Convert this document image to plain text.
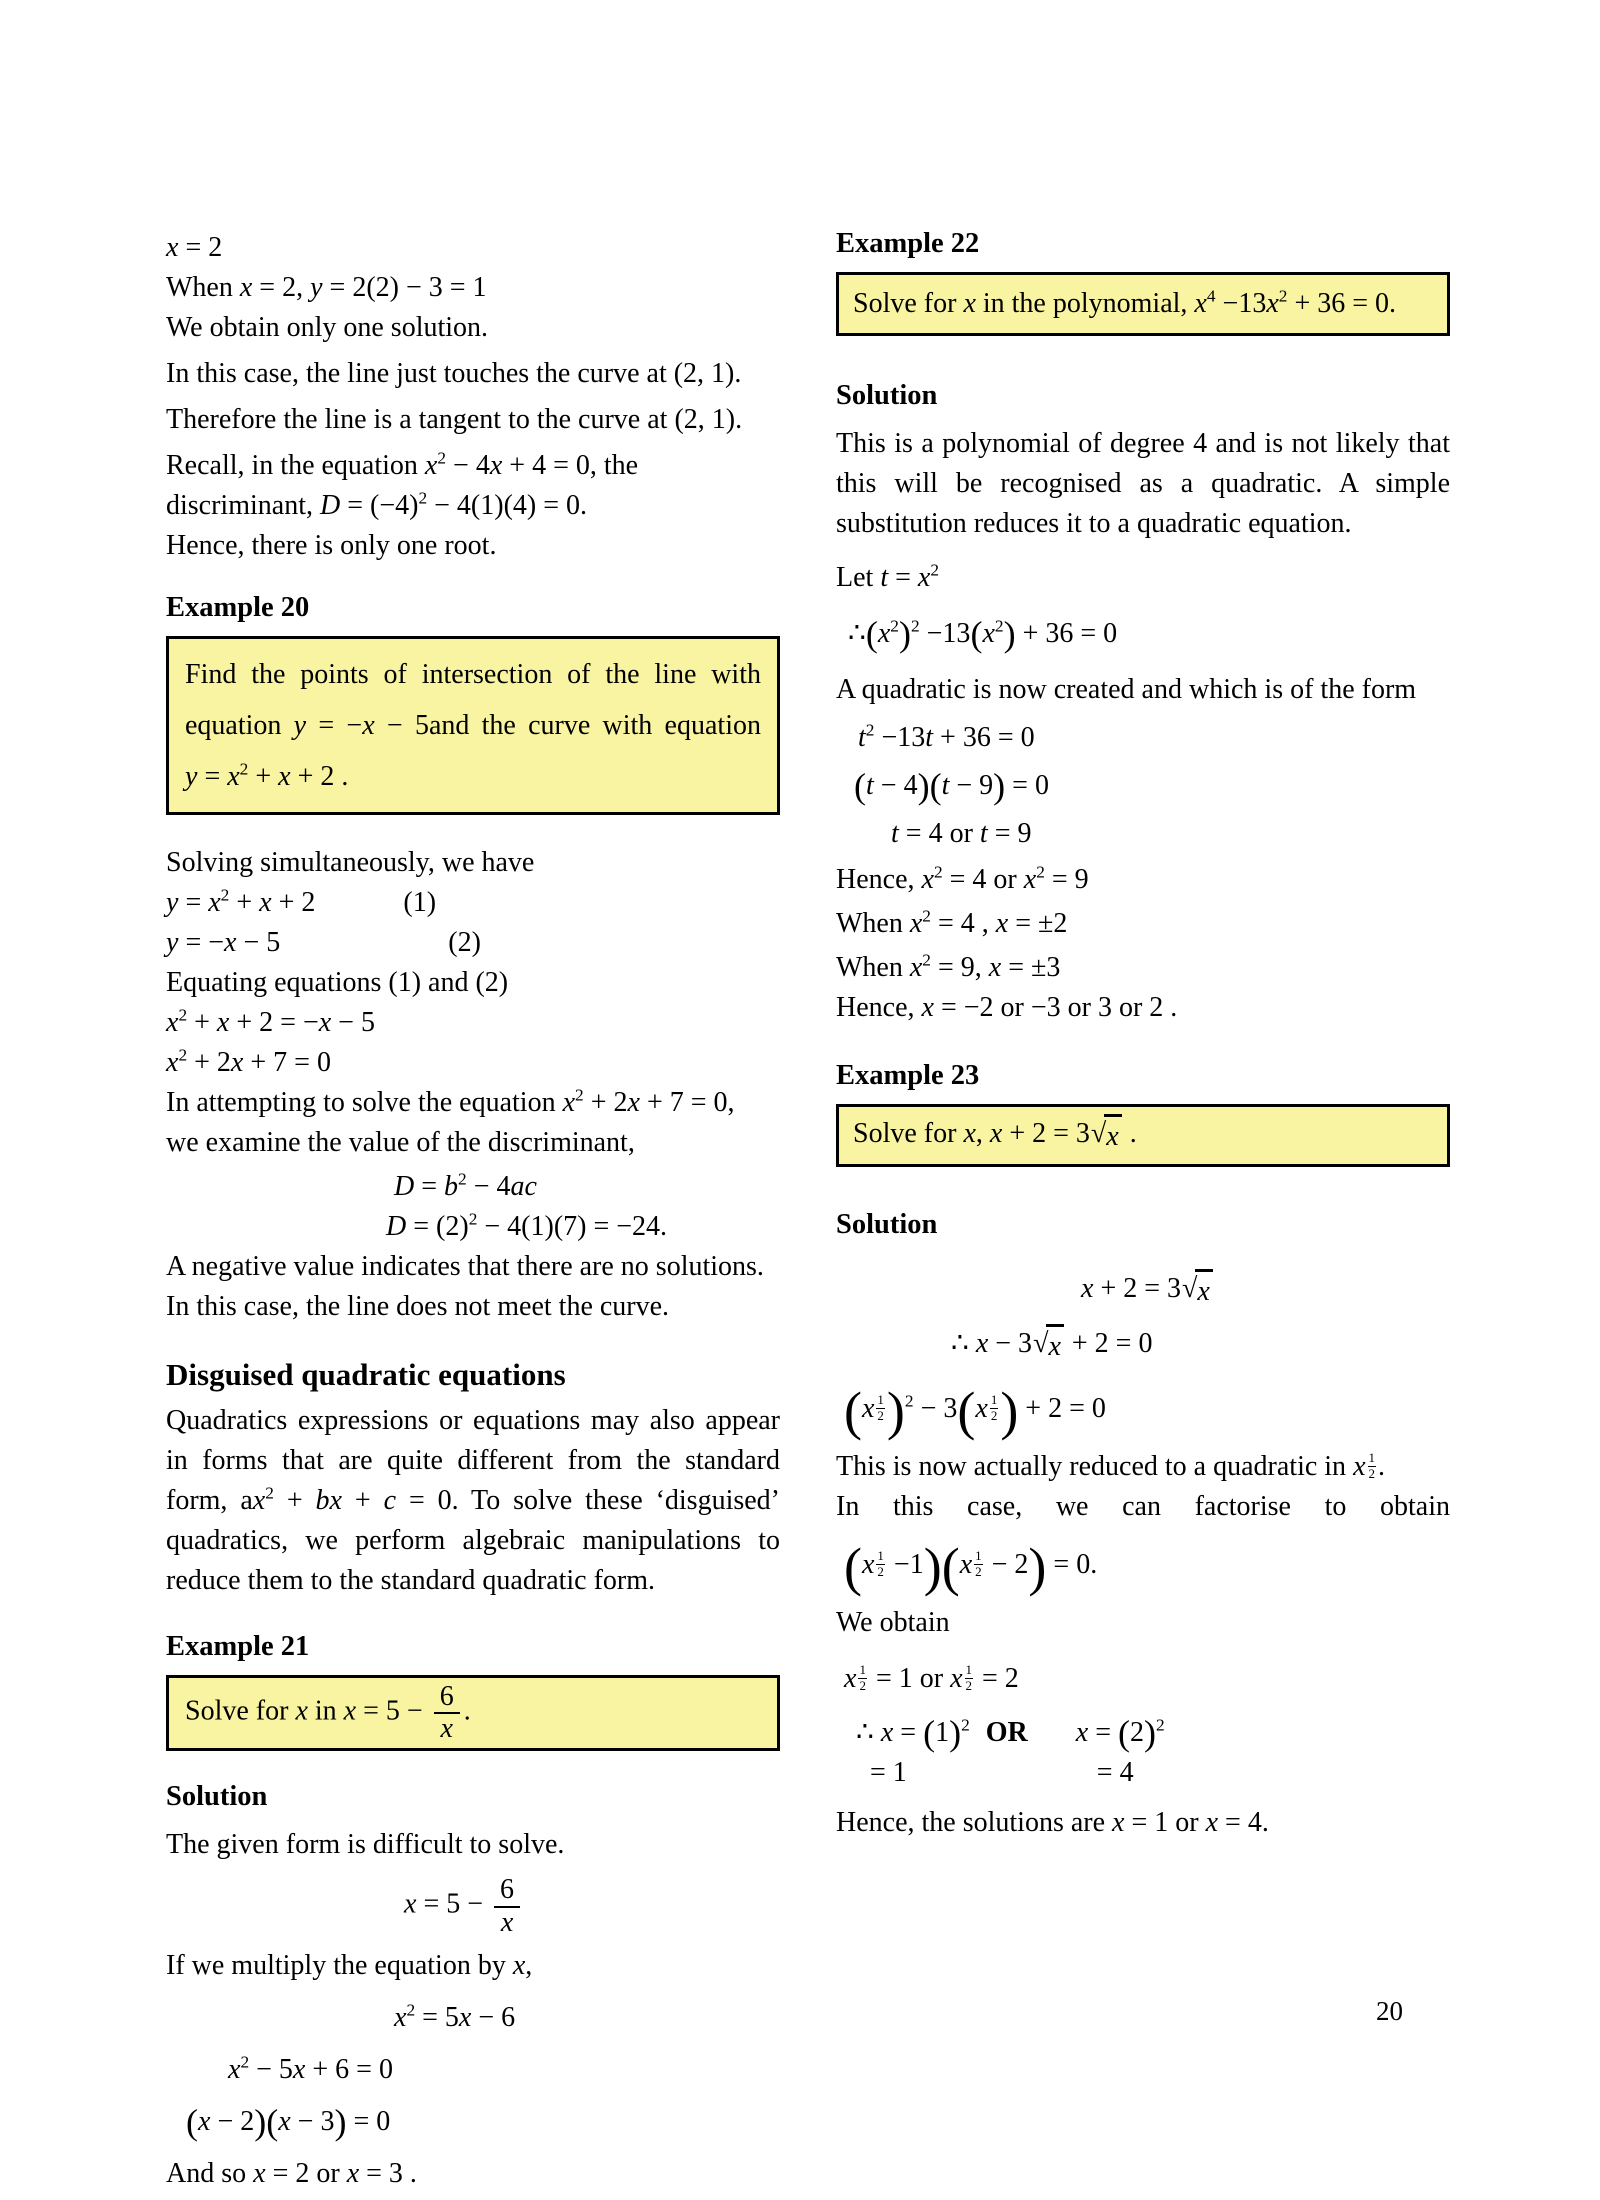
x = 2
When x = 2, y = 2(2) − 3 = 1
We obtain only one solution.
In this case, the line just touches the curve at (2, 1).
Therefore the line is a tangent to the curve at (2, 1).
Recall, in the equation $x^2 - 4x + 4 = 0$, the
discriminant, $D = (-4)^2 - 4(1)(4) = 0$.
Hence, there is only one root.
Example 20
Find the points of intersection of the line with
equation y = −x − 5and the curve with equation
$y = x^2 + x + 2$ .
Solving simultaneously, we have
$y = x^2 + x + 2$	(1)
y = −x − 5	(2)
Equating equations (1) and (2)
$x^2 + x + 2 = -x - 5$
$x^2 + 2x + 7 = 0$
In attempting to solve the equation $x^2 + 2x + 7 = 0$,
we examine the value of the discriminant,
$D = b^2 - 4ac$
$D = (2)^2 - 4(1)(7) = -24$.
A negative value indicates that there are no solutions.
In this case, the line does not meet the curve.
Disguised quadratic equations

Quadratics expressions or equations may also appear in forms that are quite different from the standard form, $ax^2$ + bx + c = 0. To solve these ‘disguised’ quadratics, we perform algebraic manipulations to reduce them to the standard quadratic form.

Example 21
Solve for x in $x = 5 - \frac{6}{x}$ .
Solution
The given form is difficult to solve.
$x = 5 - \frac{6}{x}$
If we multiply the equation by x,
$x^2 = 5x - 6$
$x^2 - 5x + 6 = 0$
(x − 2)(x − 3) = 0
And so x = 2 or x = 3 .
Example 22
Solve for x in the polynomial, $x^4 -13x^2 + 36 = 0$.
Solution

This is a polynomial of degree 4 and is not likely that this will be recognised as a quadratic. A simple substitution reduces it to a quadratic equation.

Let $t = x^2$
$\therefore(x^2)^2 -13(x^2) + 36 = 0$
A quadratic is now created and which is of the form
$t^2 -13t + 36 = 0$
(t − 4)(t − 9) = 0
t = 4 or t = 9
Hence, $x^2 = 4$ or $x^2 = 9$
When $x^2 = 4$ , x = ±2
When $x^2 = 9$, x = ±3
Hence, x = −2 or −3 or 3 or 2 .
Example 23
Solve for x, x + 2 = 3 √ x .
Solution
x + 2 = 3 √ x
∴ x − 3 √ x + 2 = 0
$(x \frac{1}{2} )^2 - 3(x \frac{1}{2}$ ) + 2 = 0
This is now actually reduced to a quadratic in x $\frac{1}{2}$ .
In this case, we can factorise to obtain
$(x \frac{1}{2} -1)(x \frac{1}{2} - 2) = 0$.
We obtain
x $\frac{1}{2} = 1$ or x $\frac{1}{2} = 2$
∴ $x = (1)^2$ OR $x = (2)^2$
= 1	= 4
Hence, the solutions are x = 1 or x = 4.
20
